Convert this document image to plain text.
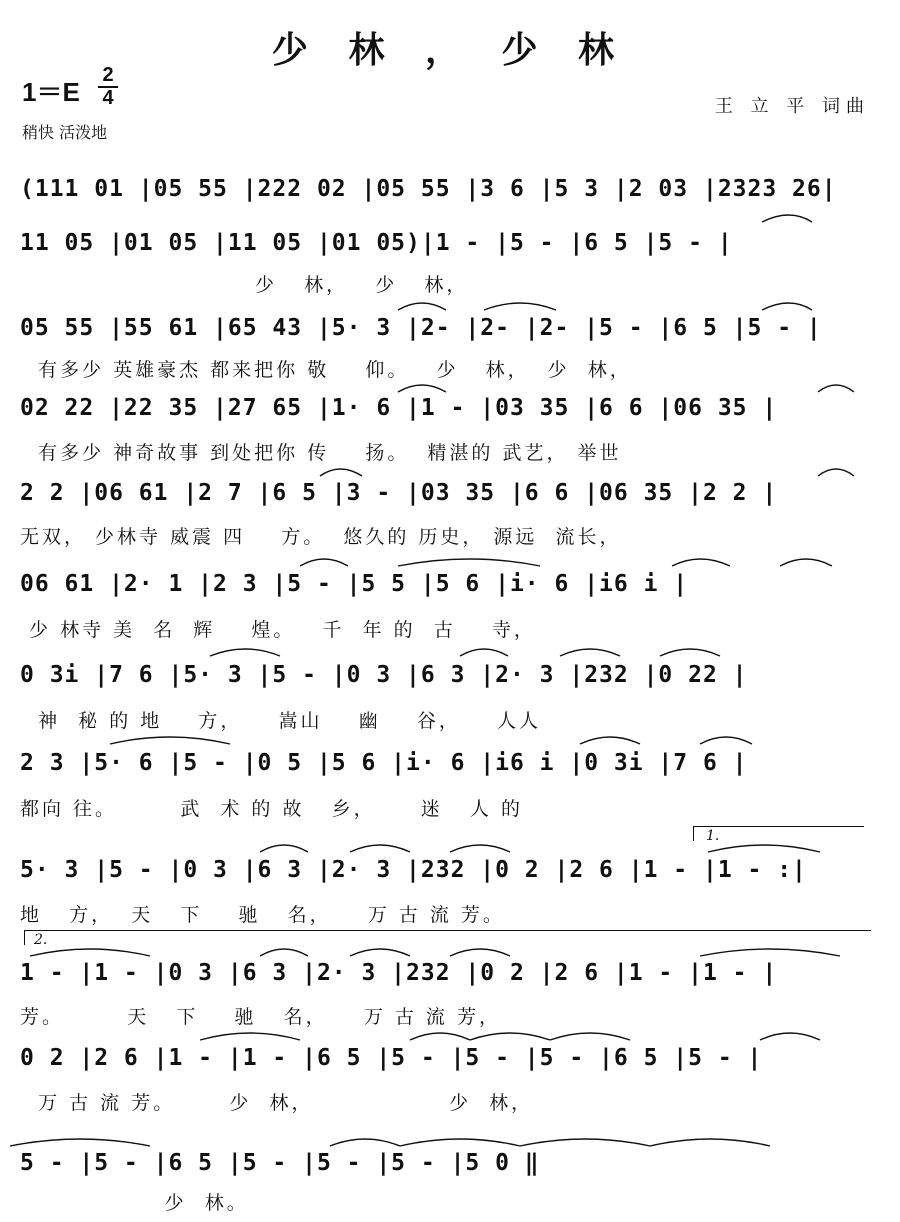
少 林 ， 少 林
1＝E
2
4
稍快 活泼地
王 立 平 词曲
(111 01 |05 55 |222 02 |05 55 |3 6 |5 3 |2 03 |2323 26|
11 05 |01 05 |11 05 |01 05)|1 - |5 - |6 5 |5 - |
少   林，   少   林，
05 55 |55 61 |65 43 |5· 3 |2- |2- |2- |5 - |6 5 |5 - |
有多少 英雄豪杰 都来把你 敬    仰。   少   林，  少  林，
02 22 |22 35 |27 65 |1· 6 |1 - |03 35 |6 6 |06 35 |
有多少 神奇故事 到处把你 传    扬。  精湛的 武艺， 举世
2 2 |06 61 |2 7 |6 5 |3 - |03 35 |6 6 |06 35 |2 2 |
无双， 少林寺 威震 四    方。  悠久的 历史， 源远  流长，
06 61 |2· 1 |2 3 |5 - |5 5 |5 6 |i· 6 |i6 i |
少 林寺 美  名  辉    煌。   千  年 的  古    寺，
0 3i |7 6 |5· 3 |5 - |0 3 |6 3 |2· 3 |232 |0 22 |
神  秘 的 地    方，    嵩山    幽    谷，    人人
2 3 |5· 6 |5 - |0 5 |5 6 |i· 6 |i6 i |0 3i |7 6 |
都向 往。       武  术 的 故   乡，     迷   人 的
1.
5· 3 |5 - |0 3 |6 3 |2· 3 |232 |0 2 |2 6 |1 - |1 - :|
地   方，  天   下    驰   名，    万 古 流 芳。
2.
1 - |1 - |0 3 |6 3 |2· 3 |232 |0 2 |2 6 |1 - |1 - |
芳。       天   下    驰   名，    万 古 流 芳，
0 2 |2 6 |1 - |1 - |6 5 |5 - |5 - |5 - |6 5 |5 - |
万 古 流 芳。      少  林，               少  林，
5 - |5 - |6 5 |5 - |5 - |5 - |5 0 ‖
少  林。
